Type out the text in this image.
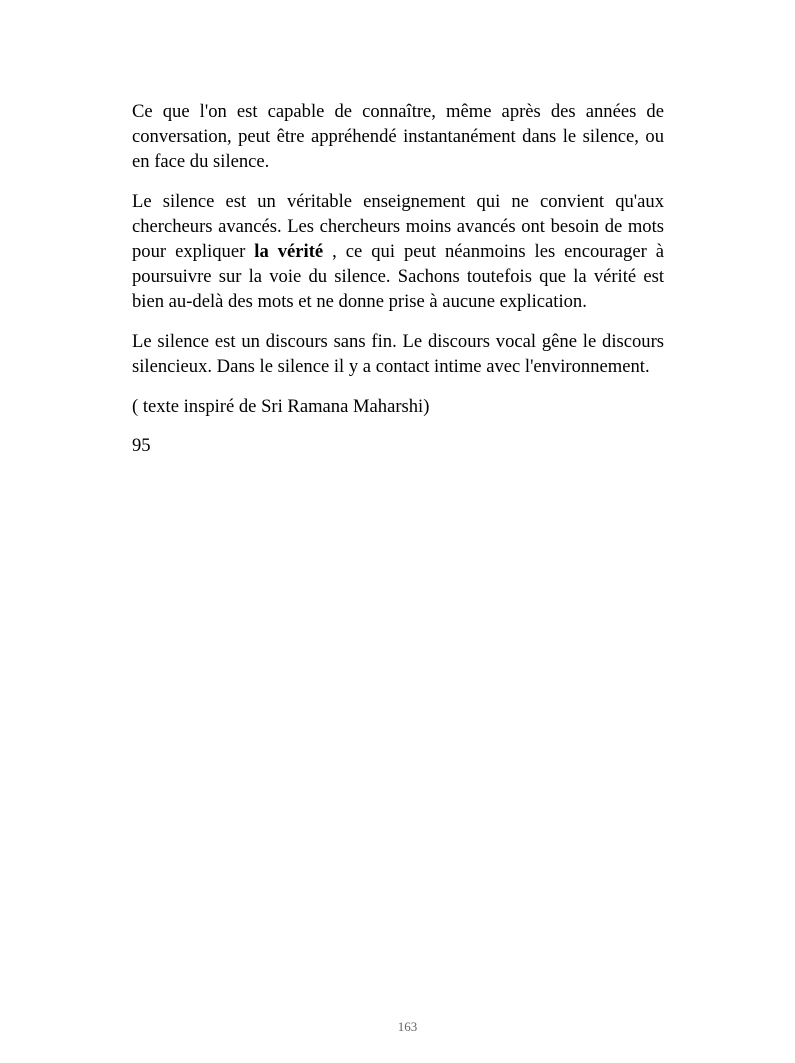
Ce que l'on est capable de connaître, même après des années de conversation, peut être appréhendé instantanément dans le silence, ou en face du silence.

Le silence est un véritable enseignement qui ne convient qu'aux chercheurs avancés. Les chercheurs moins avancés ont besoin de mots pour expliquer la vérité , ce qui peut néanmoins les encourager à poursuivre sur la voie du silence. Sachons toutefois que la vérité est bien au-delà des mots et ne donne prise à aucune explication.

Le silence est un discours sans fin. Le discours vocal gêne le discours silencieux. Dans le silence il y a contact intime avec l'environnement.

( texte inspiré de Sri Ramana Maharshi)

95

163
